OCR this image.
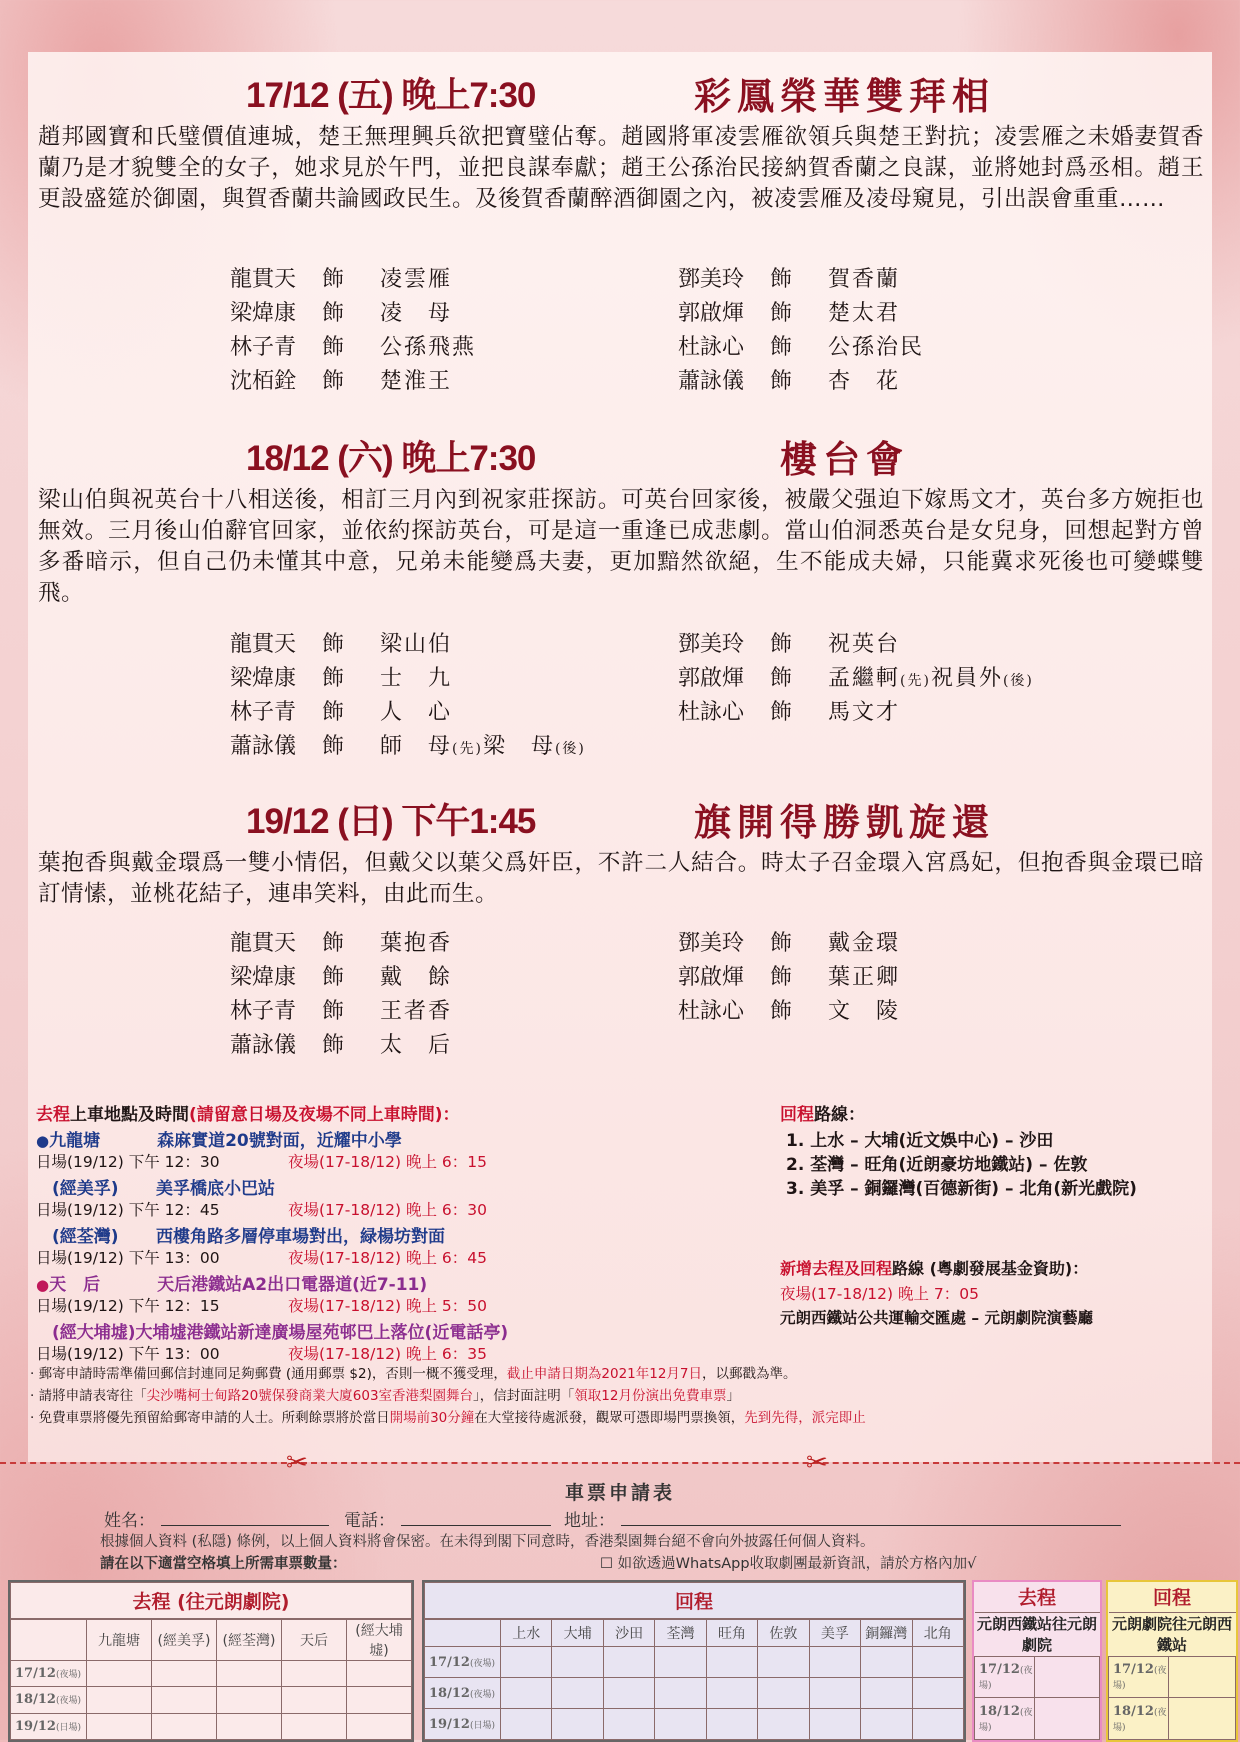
17/12 (五) 晚上7:30	彩鳳榮華雙拜相

趙邦國寶和氏璧價值連城，楚王無理興兵欲把寶璧佔奪。趙國將軍凌雲雁欲領兵與楚王對抗；凌雲雁之未婚妻賀香蘭乃是才貌雙全的女子，她求見於午門，並把良謀奉獻；趙王公孫治民接納賀香蘭之良謀，並將她封爲丞相。趙王更設盛筵於御園，與賀香蘭共論國政民生。及後賀香蘭醉酒御園之內，被凌雲雁及凌母窺見，引出誤會重重……

龍貫天 飾 凌雲雁
梁煒康 飾 凌　母
林子青 飾 公孫飛燕
沈栢銓 飾 楚淮王
鄧美玲 飾 賀香蘭
郭啟煇 飾 楚太君
杜詠心 飾 公孫治民
蕭詠儀 飾 杏　花
18/12 (六) 晚上7:30	樓台會

梁山伯與祝英台十八相送後，相訂三月內到祝家莊探訪。可英台回家後，被嚴父强迫下嫁馬文才，英台多方婉拒也無效。三月後山伯辭官回家，並依約探訪英台，可是這一重逢已成悲劇。當山伯洞悉英台是女兒身，回想起對方曾多番暗示，但自己仍未懂其中意，兄弟未能變爲夫妻，更加黯然欲絕，生不能成夫婦，只能冀求死後也可變蝶雙飛。

龍貫天 飾 梁山伯
梁煒康 飾 士　九
林子青 飾 人　心
蕭詠儀 飾 師　母(先)梁　母(後)
鄧美玲 飾 祝英台
郭啟煇 飾 孟繼軻(先)祝員外(後)
杜詠心 飾 馬文才
19/12 (日) 下午1:45	旗開得勝凱旋還

葉抱香與戴金環爲一雙小情侶，但戴父以葉父爲奸臣，不許二人結合。時太子召金環入宮爲妃，但抱香與金環已暗訂情愫，並桃花結子，連串笑料，由此而生。

龍貫天 飾 葉抱香
梁煒康 飾 戴　餘
林子青 飾 王者香
蕭詠儀 飾 太　后
鄧美玲 飾 戴金環
郭啟煇 飾 葉正卿
杜詠心 飾 文　陵
去程上車地點及時間(請留意日場及夜場不同上車時間)：
●九龍塘	森麻實道20號對面，近耀中小學
日場(19/12) 下午 12：30	夜場(17-18/12) 晚上 6：15
(經美孚) 美孚橋底小巴站
日場(19/12) 下午 12：45	夜場(17-18/12) 晚上 6：30
(經荃灣) 西樓角路多層停車場對出，緑楊坊對面
日場(19/12) 下午 13：00	夜場(17-18/12) 晚上 6：45
●天　后	天后港鐵站A2出口電器道(近7-11)
日場(19/12) 下午 12：15	夜場(17-18/12) 晚上 5：50
(經大埔墟)大埔墟港鐵站新達廣場屋苑邨巴上落位(近電話亭)
日場(19/12) 下午 13：00	夜場(17-18/12) 晚上 6：35
回程路線：
1. 上水 – 大埔(近文娛中心) – 沙田
2. 荃灣 – 旺角(近朗豪坊地鐵站) – 佐敦
3. 美孚 – 銅鑼灣(百德新街) – 北角(新光戲院)
新增去程及回程路線 (粵劇發展基金資助)：
夜場(17-18/12) 晚上 7：05
元朗西鐵站公共運輸交匯處 – 元朗劇院演藝廳
· 郵寄申請時需準備回郵信封連同足夠郵費 (通用郵票 $2)，否則一概不獲受理，截止申請日期為2021年12月7日，以郵戳為準。
· 請將申請表寄往「尖沙嘴柯士甸路20號保發商業大廈603室香港梨園舞台」，信封面註明「領取12月份演出免費車票」
· 免費車票將優先預留給郵寄申請的人士。所剩餘票將於當日開場前30分鐘在大堂接待處派發，觀眾可憑即場門票換領，先到先得，派完即止
✂	✂
車票申請表
姓名：	電話：	地址：
根據個人資料 (私隱) 條例，以上個人資料將會保密。在未得到閣下同意時，香港梨園舞台絕不會向外披露任何個人資料。
請在以下適當空格填上所需車票數量：	☐ 如欲透過WhatsApp收取劇團最新資訊，請於方格內加√
去程 (往元朗劇院)					
	九龍塘	(經美孚)	(經荃灣)	天后	(經大埔墟)
17/12(夜場)					
18/12(夜場)					
19/12(日場)					
回程									
	上水	大埔	沙田	荃灣	旺角	佐敦	美孚	銅鑼灣	北角
17/12(夜場)									
18/12(夜場)									
19/12(日場)									
去程	
元朗西鐵站往元朗劇院	
17/12(夜場)	
18/12(夜場)	
回程	
元朗劇院往元朗西鐵站	
17/12(夜場)	
18/12(夜場)	
